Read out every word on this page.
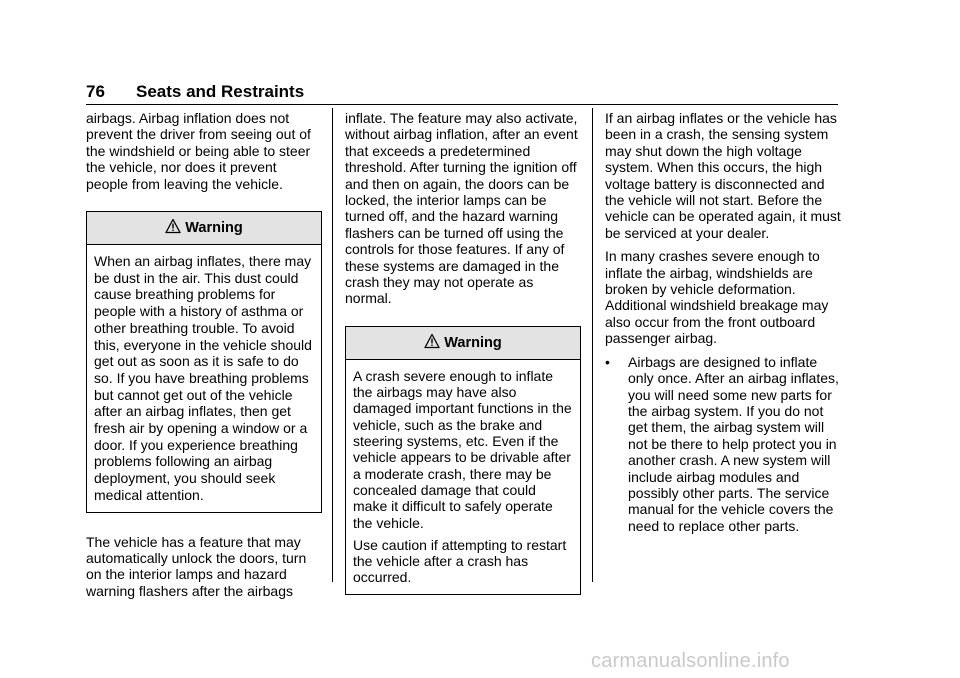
76 Seats and Restraints

airbags. Airbag inflation does not prevent the driver from seeing out of the windshield or being able to steer the vehicle, nor does it prevent people from leaving the vehicle.

Warning

When an airbag inflates, there may be dust in the air. This dust could cause breathing problems for people with a history of asthma or other breathing trouble. To avoid this, everyone in the vehicle should get out as soon as it is safe to do so. If you have breathing problems but cannot get out of the vehicle after an airbag inflates, then get fresh air by opening a window or a door. If you experience breathing problems following an airbag deployment, you should seek medical attention.

The vehicle has a feature that may automatically unlock the doors, turn on the interior lamps and hazard warning flashers after the airbags

inflate. The feature may also activate, without airbag inflation, after an event that exceeds a predetermined threshold. After turning the ignition off and then on again, the doors can be locked, the interior lamps can be turned off, and the hazard warning flashers can be turned off using the controls for those features. If any of these systems are damaged in the crash they may not operate as normal.

Warning

A crash severe enough to inflate the airbags may have also damaged important functions in the vehicle, such as the brake and steering systems, etc. Even if the vehicle appears to be drivable after a moderate crash, there may be concealed damage that could make it difficult to safely operate the vehicle.

Use caution if attempting to restart the vehicle after a crash has occurred.

If an airbag inflates or the vehicle has been in a crash, the sensing system may shut down the high voltage system. When this occurs, the high voltage battery is disconnected and the vehicle will not start. Before the vehicle can be operated again, it must be serviced at your dealer.

In many crashes severe enough to inflate the airbag, windshields are broken by vehicle deformation. Additional windshield breakage may also occur from the front outboard passenger airbag.

•	Airbags are designed to inflate only once. After an airbag inflates, you will need some new parts for the airbag system. If you do not get them, the airbag system will not be there to help protect you in another crash. A new system will include airbag modules and possibly other parts. The service manual for the vehicle covers the need to replace other parts.
carmanualsonline.info
